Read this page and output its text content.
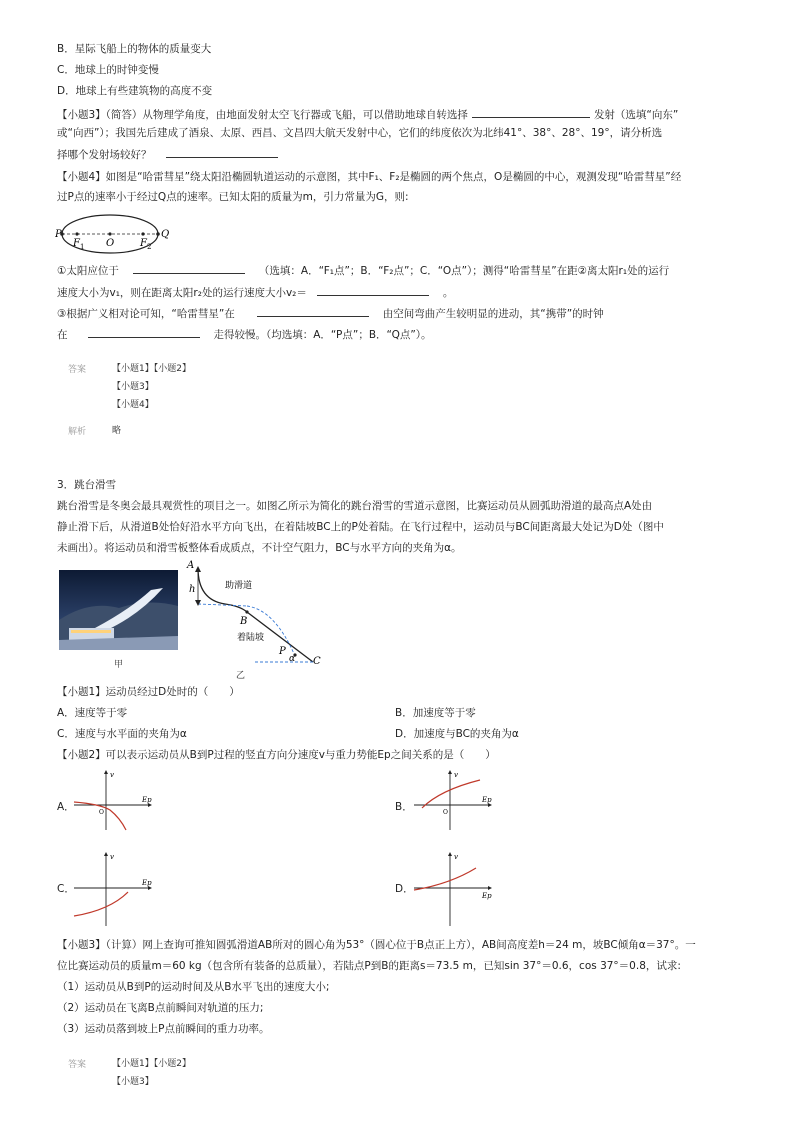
B．星际飞船上的物体的质量变大
C．地球上的时钟变慢
D．地球上有些建筑物的高度不变
【小题3】（简答）从物理学角度，由地面发射太空飞行器或飞船，可以借助地球自转选择	发射（选填“向东”
或“向西”）；我国先后建成了酒泉、太原、西昌、文昌四大航天发射中心，它们的纬度依次为北纬41°、38°、28°、19°，请分析选
择哪个发射场较好？
【小题4】如图是“哈雷彗星”绕太阳沿椭圆轨道运动的示意图，其中F₁、F₂是椭圆的两个焦点，O是椭圆的中心，观测发现“哈雷彗星”经
过P点的速率小于经过Q点的速率。已知太阳的质量为m，引力常量为G，则:
P
F 1 O	F 2
Q
①太阳应位于	（选填：A．“F₁点”；B．“F₂点”；C．“O点”）；测得“哈雷彗星”在距②离太阳r₁处的运行
速度大小为v₁，则在距离太阳r₂处的运行速度大小v₂＝	。
③根据广义相对论可知，“哈雷彗星”在	由空间弯曲产生较明显的进动，其“携带”的时钟
在	走得较慢。（均选填：A．“P点”；B．“Q点”）。
答案	【小题1】【小题2】
【小题3】
【小题4】
解析	略
3．跳台滑雪
跳台滑雪是冬奥会最具观赏性的项目之一。如图乙所示为简化的跳台滑雪的雪道示意图，比赛运动员从圆弧助滑道的最高点A处由
静止滑下后，从滑道B处恰好沿水平方向飞出，在着陆坡BC上的P处着陆。在飞行过程中，运动员与BC间距离最大处记为D处（图中
未画出）。将运动员和滑雪板整体看成质点，不计空气阻力，BC与水平方向的夹角为α。
甲
A
h	助滑道
B
着陆坡
P
α C
乙
【小题1】运动员经过D处时的（　　）
A．速度等于零	B．加速度等于零
C．速度与水平面的夹角为α	D．加速度与BC的夹角为α
【小题2】可以表示运动员从B到P过程的竖直方向分速度v与重力势能Ep之间关系的是（　　）
A．
v
Ep
O	B．
v
Ep
O
C．
v
Ep	D．
v
Ep
【小题3】（计算）网上查询可推知圆弧滑道AB所对的圆心角为53°（圆心位于B点正上方），AB间高度差h＝24 m，坡BC倾角α＝37°。一
位比赛运动员的质量m＝60 kg（包含所有装备的总质量），若陆点P到B的距离s＝73.5 m，已知sin 37°＝0.6，cos 37°＝0.8，试求:
（1）运动员从B到P的运动时间及从B水平飞出的速度大小;
（2）运动员在飞离B点前瞬间对轨道的压力;
（3）运动员落到坡上P点前瞬间的重力功率。
答案	【小题1】【小题2】
【小题3】
